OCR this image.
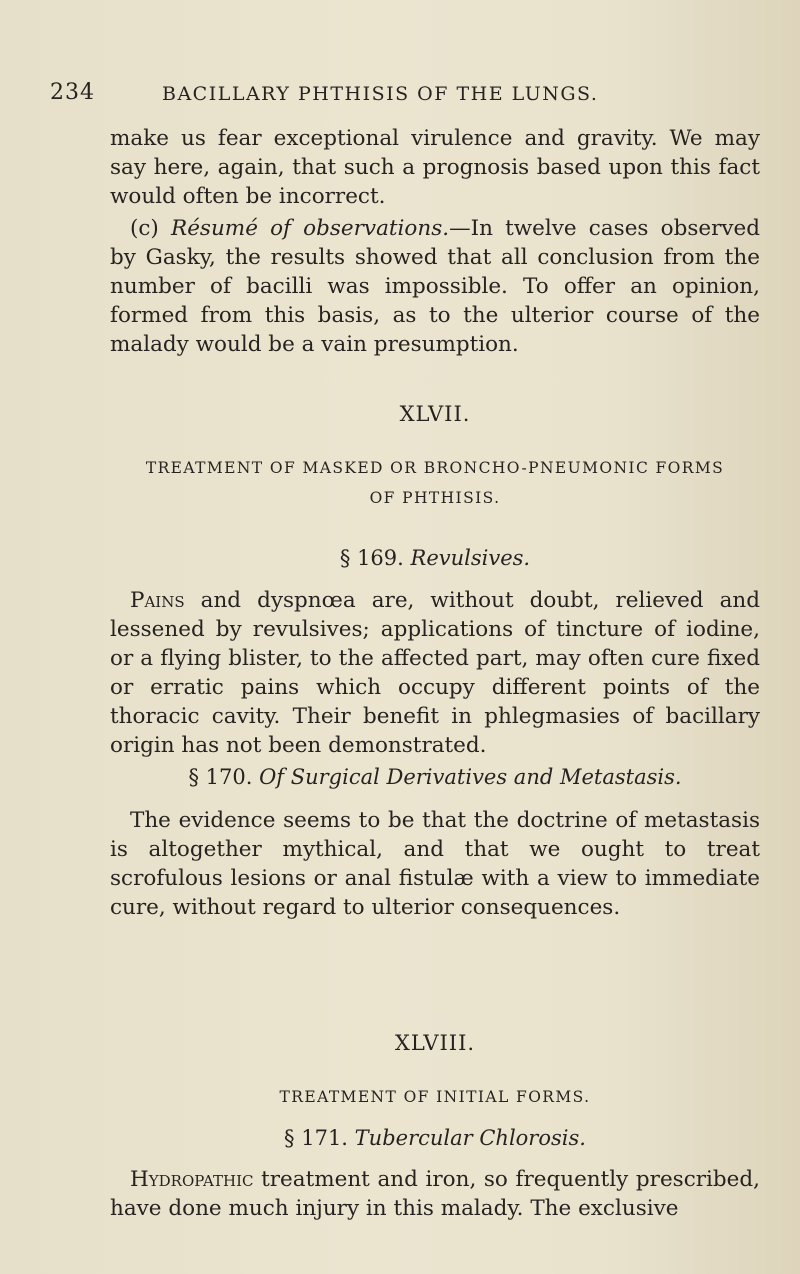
234	BACILLARY PHTHISIS OF THE LUNGS.

make us fear exceptional virulence and gravity. We may say here, again, that such a prognosis based upon this fact would often be incorrect.

(c) Résumé of observations.—In twelve cases observed by Gasky, the results showed that all conclusion from the number of bacilli was impossible. To offer an opinion, formed from this basis, as to the ulterior course of the malady would be a vain presumption.

XLVII.

TREATMENT OF MASKED OR BRONCHO-PNEUMONIC FORMS
OF PHTHISIS.

§ 169. Revulsives.

Pains and dyspnœa are, without doubt, relieved and lessened by revulsives; applications of tincture of iodine, or a flying blister, to the affected part, may often cure fixed or erratic pains which occupy different points of the thoracic cavity. Their benefit in phlegmasies of bacillary origin has not been demonstrated.

§ 170. Of Surgical Derivatives and Metastasis.

The evidence seems to be that the doctrine of metastasis is altogether mythical, and that we ought to treat scrofulous lesions or anal fistulæ with a view to immediate cure, without regard to ulterior consequences.

XLVIII.

TREATMENT OF INITIAL FORMS.

§ 171. Tubercular Chlorosis.

Hydropathic treatment and iron, so frequently prescribed, have done much injury in this malady. The exclusive
